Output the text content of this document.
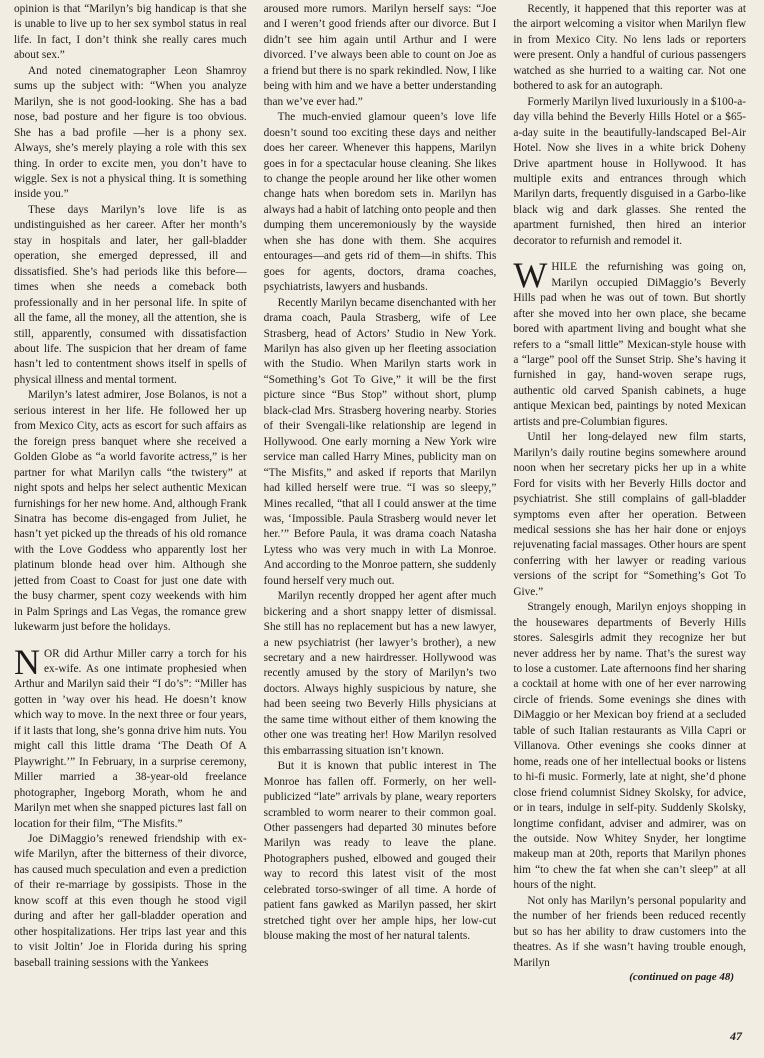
opinion is that “Marilyn’s big handicap is that she is unable to live up to her sex symbol status in real life. In fact, I don’t think she really cares much about sex.”

And noted cinematographer Leon Shamroy sums up the subject with: “When you analyze Marilyn, she is not good-looking. She has a bad nose, bad posture and her figure is too obvious. She has a bad profile —her is a phony sex. Always, she’s merely playing a role with this sex thing. In order to excite men, you don’t have to wiggle. Sex is not a physical thing. It is something inside you.”

These days Marilyn’s love life is as undistinguished as her career. After her month’s stay in hospitals and later, her gall-bladder operation, she emerged depressed, ill and dissatisfied. She’s had periods like this before—times when she needs a comeback both professionally and in her personal life. In spite of all the fame, all the money, all the attention, she is still, apparently, consumed with dissatisfaction about life. The suspicion that her dream of fame hasn’t led to contentment shows itself in spells of physical illness and mental torment.

Marilyn’s latest admirer, Jose Bolanos, is not a serious interest in her life. He followed her up from Mexico City, acts as escort for such affairs as the foreign press banquet where she received a Golden Globe as “a world favorite actress,” is her partner for what Marilyn calls “the twistery” at night spots and helps her select authentic Mexican furnishings for her new home. And, although Frank Sinatra has become dis-engaged from Juliet, he hasn’t yet picked up the threads of his old romance with the Love Goddess who apparently lost her platinum blonde head over him. Although she jetted from Coast to Coast for just one date with the busy charmer, spent cozy weekends with him in Palm Springs and Las Vegas, the romance grew lukewarm just before the holidays.

NOR did Arthur Miller carry a torch for his ex-wife. As one intimate prophesied when Arthur and Marilyn said their “I do’s”: “Miller has gotten in ’way over his head. He doesn’t know which way to move. In the next three or four years, if it lasts that long, she’s gonna drive him nuts. You might call this little drama ‘The Death Of A Playwright.’” In February, in a surprise ceremony, Miller married a 38-year-old freelance photographer, Ingeborg Morath, whom he and Marilyn met when she snapped pictures last fall on location for their film, “The Misfits.”

Joe DiMaggio’s renewed friendship with ex-wife Marilyn, after the bitterness of their divorce, has caused much speculation and even a prediction of their re-marriage by gossipists. Those in the know scoff at this even though he stood vigil during and after her gall-bladder operation and other hospitalizations. Her trips last year and this to visit Joltin’ Joe in Florida during his spring baseball training sessions with the Yankees

aroused more rumors. Marilyn herself says: “Joe and I weren’t good friends after our divorce. But I didn’t see him again until Arthur and I were divorced. I’ve always been able to count on Joe as a friend but there is no spark rekindled. Now, I like being with him and we have a better understanding than we’ve ever had.”

The much-envied glamour queen’s love life doesn’t sound too exciting these days and neither does her career. Whenever this happens, Marilyn goes in for a spectacular house cleaning. She likes to change the people around her like other women change hats when boredom sets in. Marilyn has always had a habit of latching onto people and then dumping them unceremoniously by the wayside when she has done with them. She acquires entourages—and gets rid of them—in shifts. This goes for agents, doctors, drama coaches, psychiatrists, lawyers and husbands.

Recently Marilyn became disenchanted with her drama coach, Paula Strasberg, wife of Lee Strasberg, head of Actors’ Studio in New York. Marilyn has also given up her fleeting association with the Studio. When Marilyn starts work in “Something’s Got To Give,” it will be the first picture since “Bus Stop” without short, plump black-clad Mrs. Strasberg hovering nearby. Stories of their Svengali-like relationship are legend in Hollywood. One early morning a New York wire service man called Harry Mines, publicity man on “The Misfits,” and asked if reports that Marilyn had killed herself were true. “I was so sleepy,” Mines recalled, “that all I could answer at the time was, ‘Impossible. Paula Strasberg would never let her.’” Before Paula, it was drama coach Natasha Lytess who was very much in with La Monroe. And according to the Monroe pattern, she suddenly found herself very much out.

Marilyn recently dropped her agent after much bickering and a short snappy letter of dismissal. She still has no replacement but has a new lawyer, a new psychiatrist (her lawyer’s brother), a new secretary and a new hairdresser. Hollywood was recently amused by the story of Marilyn’s two doctors. Always highly suspicious by nature, she had been seeing two Beverly Hills physicians at the same time without either of them knowing the other one was treating her! How Marilyn resolved this embarrassing situation isn’t known.

But it is known that public interest in The Monroe has fallen off. Formerly, on her well-publicized “late” arrivals by plane, weary reporters scrambled to worm nearer to their common goal. Other passengers had departed 30 minutes before Marilyn was ready to leave the plane. Photographers pushed, elbowed and gouged their way to record this latest visit of the most celebrated torso-swinger of all time. A horde of patient fans gawked as Marilyn passed, her skirt stretched tight over her ample hips, her low-cut blouse making the most of her natural talents.

Recently, it happened that this reporter was at the airport welcoming a visitor when Marilyn flew in from Mexico City. No lens lads or reporters were present. Only a handful of curious passengers watched as she hurried to a waiting car. Not one bothered to ask for an autograph.

Formerly Marilyn lived luxuriously in a $100-a-day villa behind the Beverly Hills Hotel or a $65-a-day suite in the beautifully-landscaped Bel-Air Hotel. Now she lives in a white brick Doheny Drive apartment house in Hollywood. It has multiple exits and entrances through which Marilyn darts, frequently disguised in a Garbo-like black wig and dark glasses. She rented the apartment furnished, then hired an interior decorator to refurnish and remodel it.

WHILE the refurnishing was going on, Marilyn occupied DiMaggio’s Beverly Hills pad when he was out of town. But shortly after she moved into her own place, she became bored with apartment living and bought what she refers to a “small little” Mexican-style house with a “large” pool off the Sunset Strip. She’s having it furnished in gay, hand-woven serape rugs, authentic old carved Spanish cabinets, a huge antique Mexican bed, paintings by noted Mexican artists and pre-Columbian figures.

Until her long-delayed new film starts, Marilyn’s daily routine begins somewhere around noon when her secretary picks her up in a white Ford for visits with her Beverly Hills doctor and psychiatrist. She still complains of gall-bladder symptoms even after her operation. Between medical sessions she has her hair done or enjoys rejuvenating facial massages. Other hours are spent conferring with her lawyer or reading various versions of the script for “Something’s Got To Give.”

Strangely enough, Marilyn enjoys shopping in the housewares departments of Beverly Hills stores. Salesgirls admit they recognize her but never address her by name. That’s the surest way to lose a customer. Late afternoons find her sharing a cocktail at home with one of her ever narrowing circle of friends. Some evenings she dines with DiMaggio or her Mexican boy friend at a secluded table of such Italian restaurants as Villa Capri or Villanova. Other evenings she cooks dinner at home, reads one of her intellectual books or listens to hi-fi music. Formerly, late at night, she’d phone close friend columnist Sidney Skolsky, for advice, or in tears, indulge in self-pity. Suddenly Skolsky, longtime confidant, adviser and admirer, was on the outside. Now Whitey Snyder, her longtime makeup man at 20th, reports that Marilyn phones him “to chew the fat when she can’t sleep” at all hours of the night.

Not only has Marilyn’s personal popularity and the number of her friends been reduced recently but so has her ability to draw customers into the theatres. As if she wasn’t having trouble enough, Marilyn

(continued on page 48)
47
